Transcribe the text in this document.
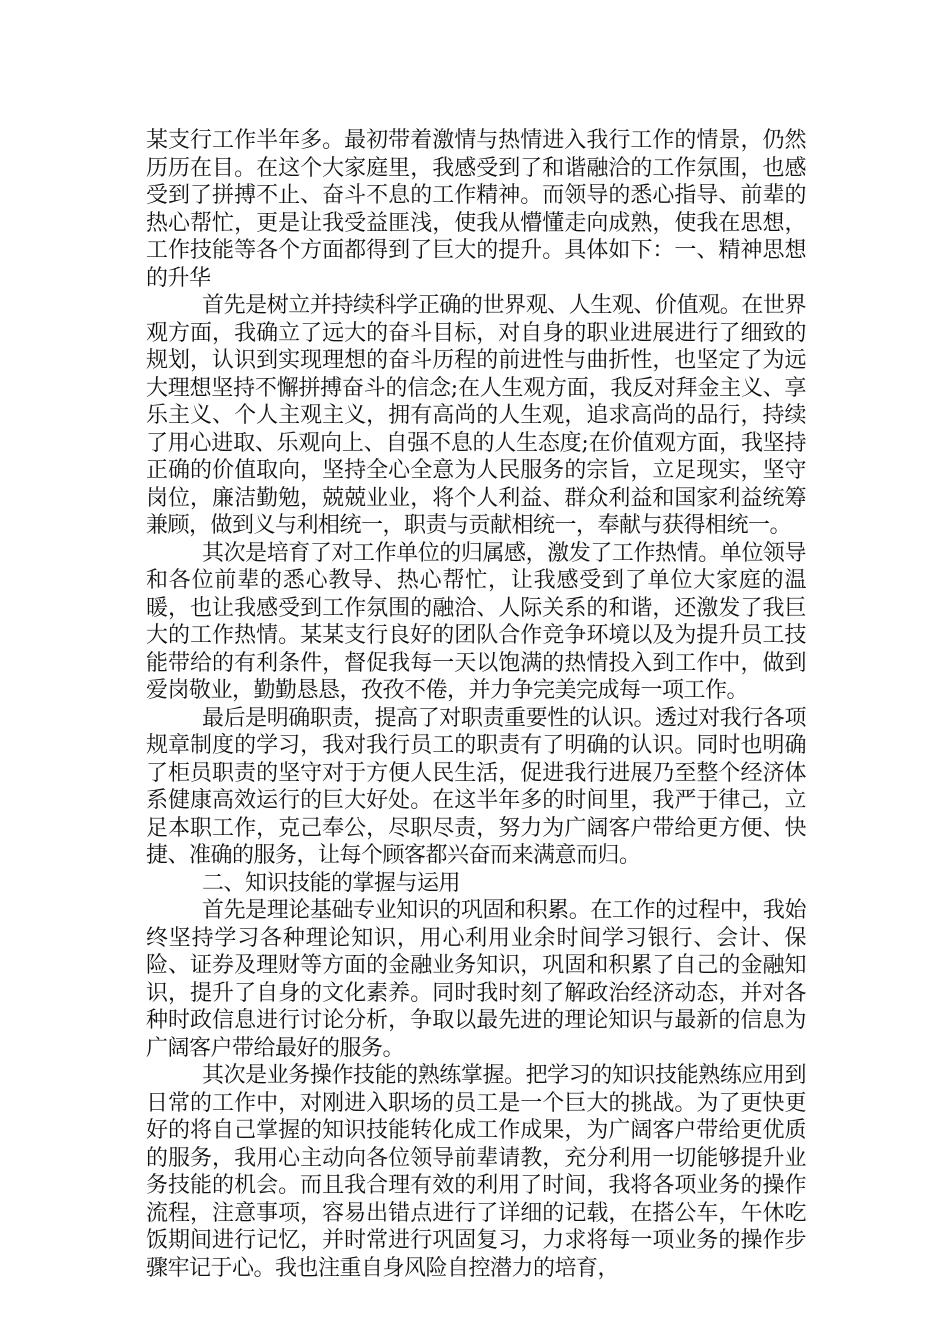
某支行工作半年多。最初带着激情与热情进入我行工作的情景，仍然历历在目。在这个大家庭里，我感受到了和谐融洽的工作氛围，也感受到了拼搏不止、奋斗不息的工作精神。而领导的悉心指导、前辈的热心帮忙，更是让我受益匪浅，使我从懵懂走向成熟，使我在思想，工作技能等各个方面都得到了巨大的提升。具体如下：一、精神思想的升华

首先是树立并持续科学正确的世界观、人生观、价值观。在世界观方面，我确立了远大的奋斗目标，对自身的职业进展进行了细致的规划，认识到实现理想的奋斗历程的前进性与曲折性，也坚定了为远大理想坚持不懈拼搏奋斗的信念;在人生观方面，我反对拜金主义、享乐主义、个人主观主义，拥有高尚的人生观，追求高尚的品行，持续了用心进取、乐观向上、自强不息的人生态度;在价值观方面，我坚持正确的价值取向，坚持全心全意为人民服务的宗旨，立足现实，坚守岗位，廉洁勤勉，兢兢业业，将个人利益、群众利益和国家利益统筹兼顾，做到义与利相统一，职责与贡献相统一，奉献与获得相统一。

其次是培育了对工作单位的归属感，激发了工作热情。单位领导和各位前辈的悉心教导、热心帮忙，让我感受到了单位大家庭的温暖，也让我感受到工作氛围的融洽、人际关系的和谐，还激发了我巨大的工作热情。某某支行良好的团队合作竞争环境以及为提升员工技能带给的有利条件，督促我每一天以饱满的热情投入到工作中，做到爱岗敬业，勤勤恳恳，孜孜不倦，并力争完美完成每一项工作。

最后是明确职责，提高了对职责重要性的认识。透过对我行各项规章制度的学习，我对我行员工的职责有了明确的认识。同时也明确了柜员职责的坚守对于方便人民生活，促进我行进展乃至整个经济体系健康高效运行的巨大好处。在这半年多的时间里，我严于律己，立足本职工作，克己奉公，尽职尽责，努力为广阔客户带给更方便、快捷、准确的服务，让每个顾客都兴奋而来满意而归。

二、知识技能的掌握与运用

首先是理论基础专业知识的巩固和积累。在工作的过程中，我始终坚持学习各种理论知识，用心利用业余时间学习银行、会计、保险、证券及理财等方面的金融业务知识，巩固和积累了自己的金融知识，提升了自身的文化素养。同时我时刻了解政治经济动态，并对各种时政信息进行讨论分析，争取以最先进的理论知识与最新的信息为广阔客户带给最好的服务。

其次是业务操作技能的熟练掌握。把学习的知识技能熟练应用到日常的工作中，对刚进入职场的员工是一个巨大的挑战。为了更快更好的将自己掌握的知识技能转化成工作成果，为广阔客户带给更优质的服务，我用心主动向各位领导前辈请教，充分利用一切能够提升业务技能的机会。而且我合理有效的利用了时间，我将各项业务的操作流程，注意事项，容易出错点进行了详细的记载，在搭公车，午休吃饭期间进行记忆，并时常进行巩固复习，力求将每一项业务的操作步骤牢记于心。我也注重自身风险自控潜力的培育，
